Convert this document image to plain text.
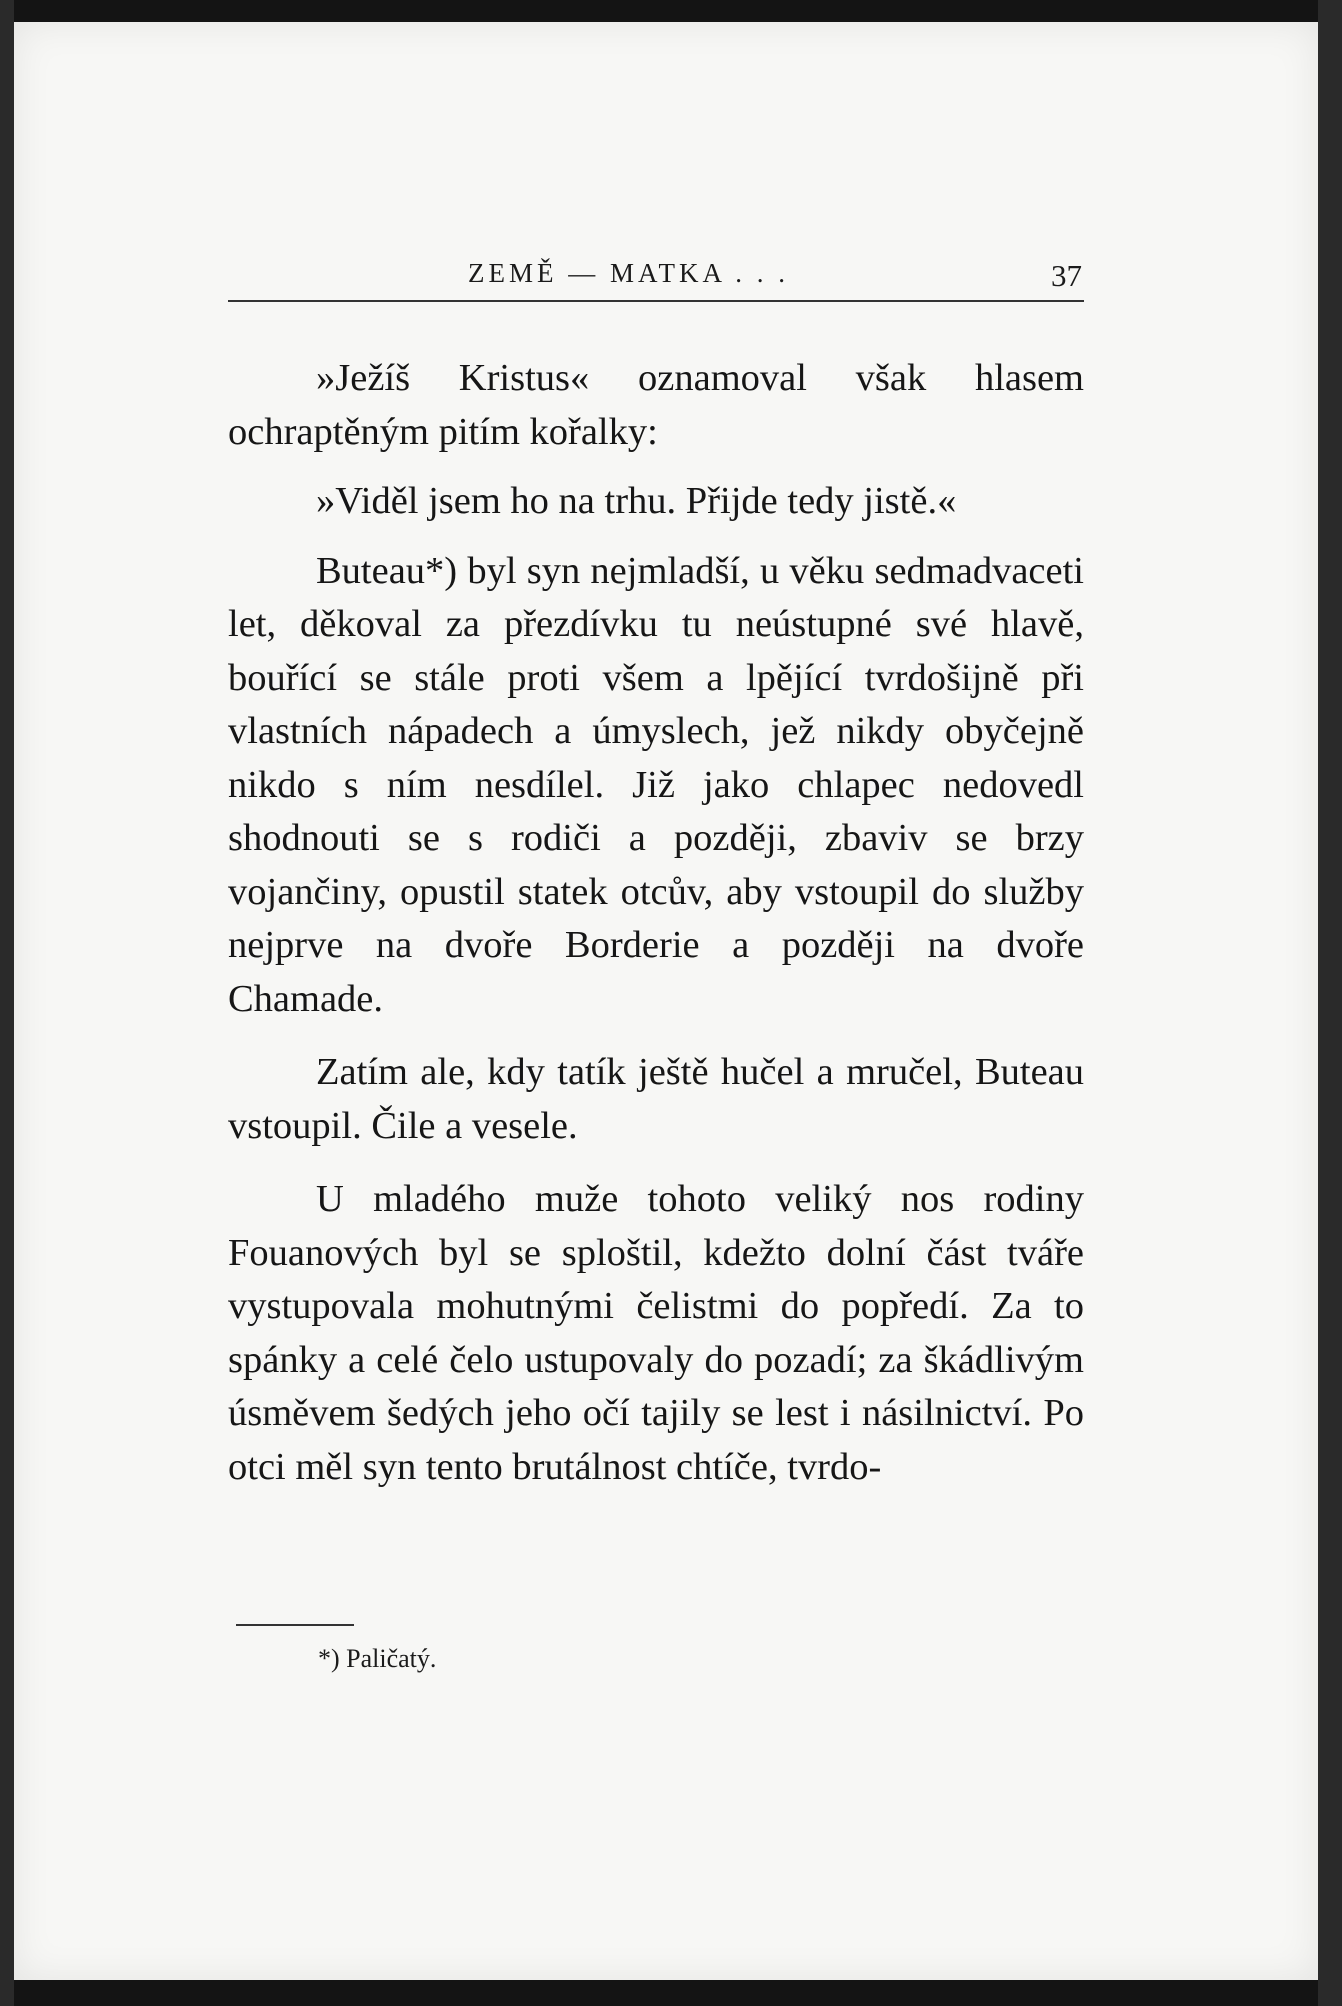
ZEMĚ — MATKA . . .	37

»Ježíš Kristus« oznamoval však hlasem ochraptěným pitím kořalky:

»Viděl jsem ho na trhu. Přijde tedy jistě.«

Buteau*) byl syn nejmladší, u věku sedmadvaceti let, děkoval za přezdívku tu neústupné své hlavě, bouřící se stále proti všem a lpějící tvrdošijně při vlastních nápadech a úmyslech, jež nikdy obyčejně nikdo s ním nesdílel. Již jako chlapec nedovedl shodnouti se s rodiči a později, zbaviv se brzy vojančiny, opustil statek otcův, aby vstoupil do služby nejprve na dvoře Borderie a později na dvoře Chamade.

Zatím ale, kdy tatík ještě hučel a mručel, Buteau vstoupil. Čile a vesele.

U mladého muže tohoto veliký nos rodiny Fouanových byl se sploštil, kdežto dolní část tváře vystupovala mohutnými čelistmi do popředí. Za to spánky a celé čelo ustupovaly do pozadí; za škádlivým úsměvem šedých jeho očí tajily se lest i násilnictví. Po otci měl syn tento brutálnost chtíče, tvrdo-

*) Paličatý.
